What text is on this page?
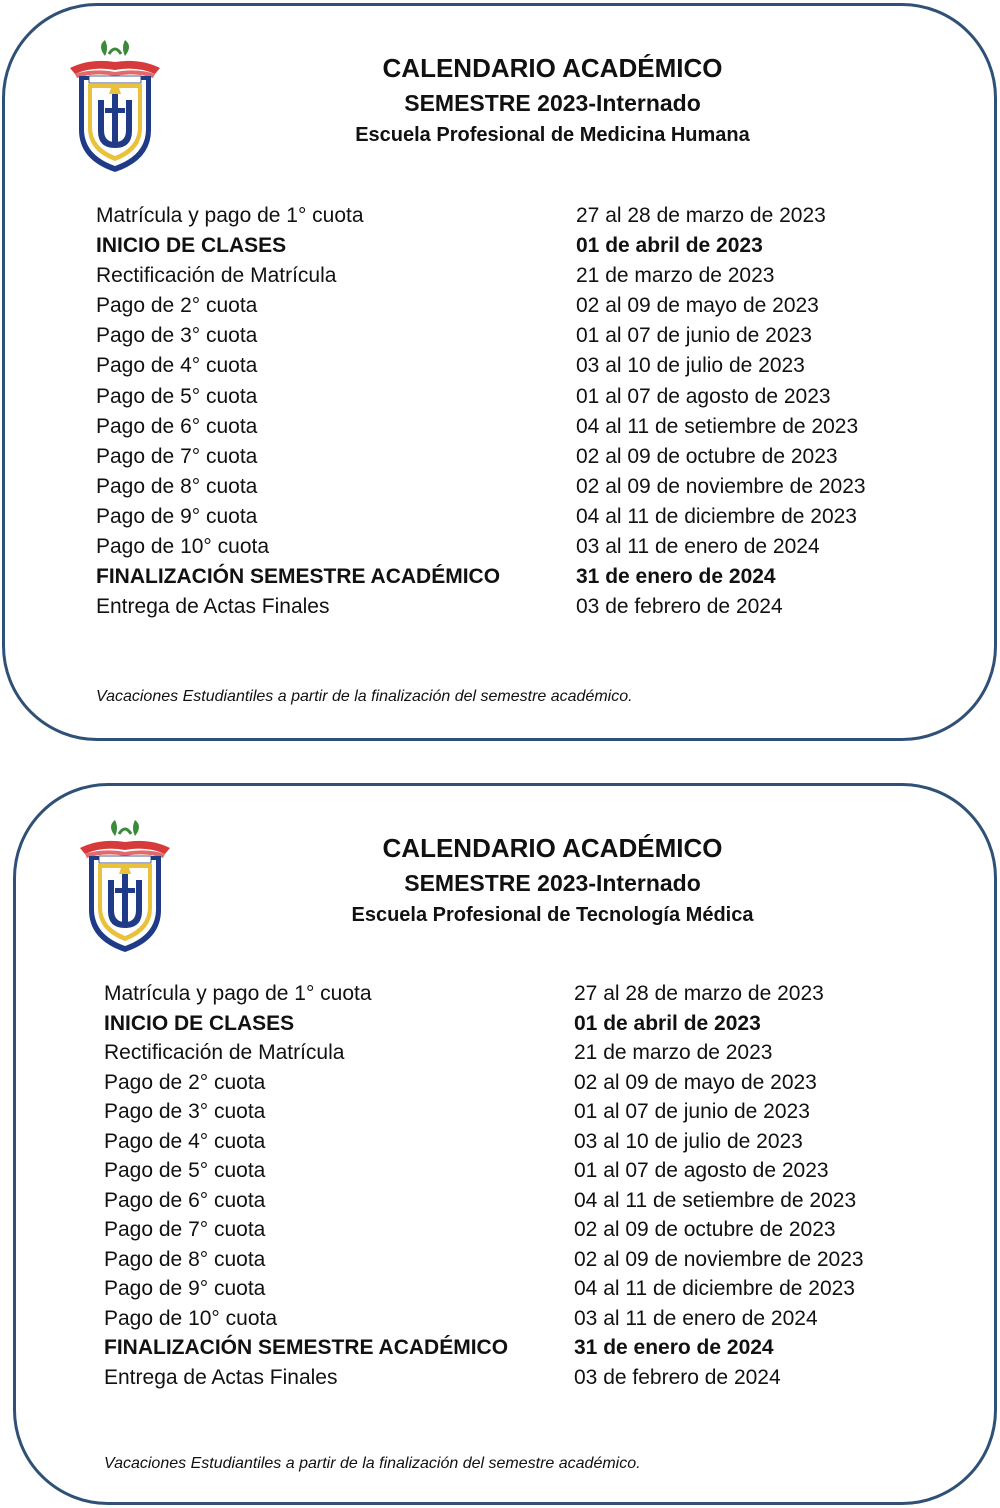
CALENDARIO ACADÉMICO
SEMESTRE 2023-Internado
Escuela Profesional de Medicina Humana
Matrícula y pago de 1° cuota	27 al 28 de marzo de 2023
INICIO DE CLASES	01 de abril de 2023
Rectificación de Matrícula	21 de marzo de 2023
Pago de 2° cuota	02 al 09 de mayo de 2023
Pago de 3° cuota	01 al 07 de junio de 2023
Pago de 4° cuota	03 al 10 de julio de 2023
Pago de 5° cuota	01 al 07 de agosto de 2023
Pago de 6° cuota	04 al 11 de setiembre de 2023
Pago de 7° cuota	02 al 09 de octubre de 2023
Pago de 8° cuota	02 al 09 de noviembre de 2023
Pago de 9° cuota	04 al 11 de diciembre de 2023
Pago de 10° cuota	03 al 11 de enero de 2024
FINALIZACIÓN SEMESTRE ACADÉMICO	31 de enero de 2024
Entrega de Actas Finales	03 de febrero de 2024
Vacaciones Estudiantiles a partir de la finalización del semestre académico.
CALENDARIO ACADÉMICO
SEMESTRE 2023-Internado
Escuela Profesional de Tecnología Médica
Matrícula y pago de 1° cuota	27 al 28 de marzo de 2023
INICIO DE CLASES	01 de abril de 2023
Rectificación de Matrícula	21 de marzo de 2023
Pago de 2° cuota	02 al 09 de mayo de 2023
Pago de 3° cuota	01 al 07 de junio de 2023
Pago de 4° cuota	03 al 10 de julio de 2023
Pago de 5° cuota	01 al 07 de agosto de 2023
Pago de 6° cuota	04 al 11 de setiembre de 2023
Pago de 7° cuota	02 al 09 de octubre de 2023
Pago de 8° cuota	02 al 09 de noviembre de 2023
Pago de 9° cuota	04 al 11 de diciembre de 2023
Pago de 10° cuota	03 al 11 de enero de 2024
FINALIZACIÓN SEMESTRE ACADÉMICO	31 de enero de 2024
Entrega de Actas Finales	03 de febrero de 2024
Vacaciones Estudiantiles a partir de la finalización del semestre académico.
